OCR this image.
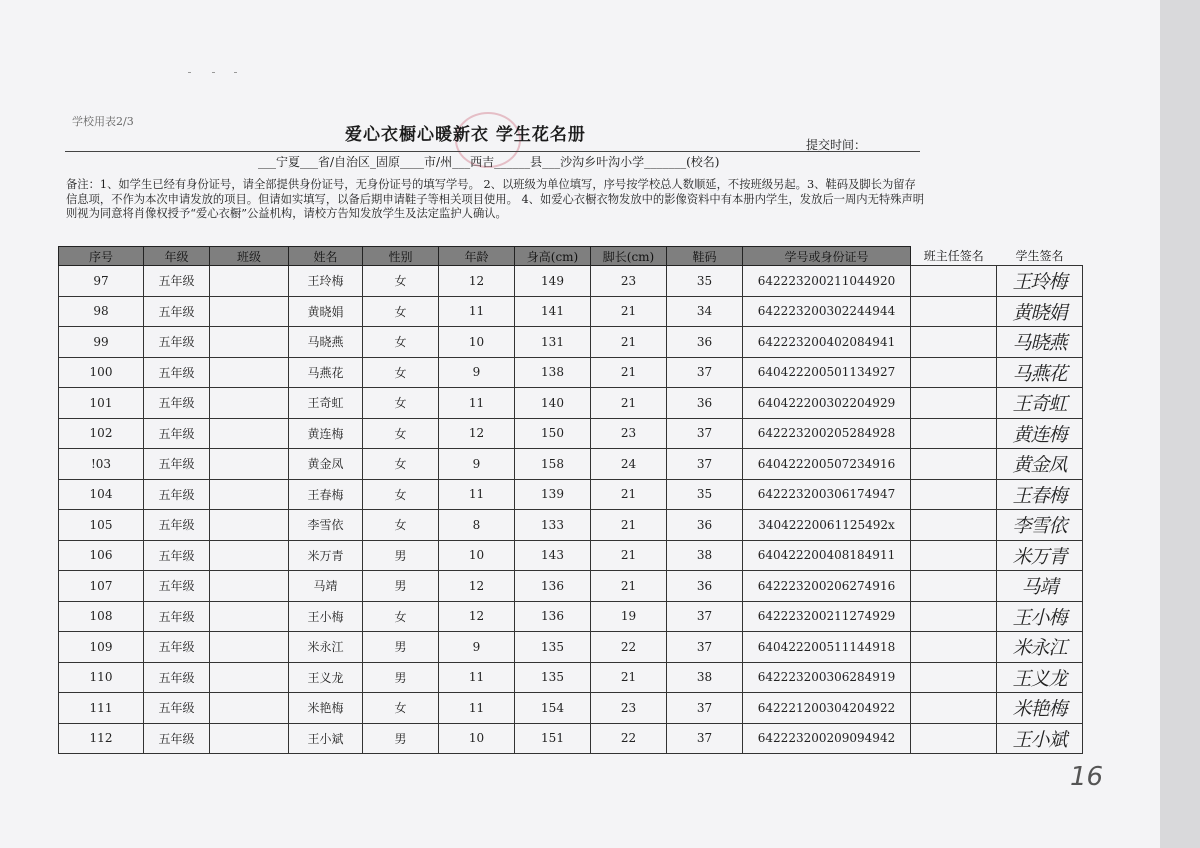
学校用表2/3
爱心衣橱心暖新衣 学生花名册	提交时间：
___宁夏___省/自治区_固原____市/州___西吉______县___沙沟乡叶沟小学_______(校名)
备注：1、如学生已经有身份证号，请全部提供身份证号，无身份证号的填写学号。 2、以班级为单位填写，序号按学校总人数顺延，不按班级另起。3、鞋码及脚长为留存信息项，不作为本次申请发放的项目。但请如实填写，以备后期申请鞋子等相关项目使用。 4、如爱心衣橱衣物发放中的影像资料中有本册内学生，发放后一周内无特殊声明则视为同意将肖像权授予“爱心衣橱”公益机构，请校方告知发放学生及法定监护人确认。
序号	年级	班级	姓名	性别	年龄	身高(cm)	脚长(cm)	鞋码	学号或身份证号	班主任签名	学生签名
97	五年级		王玲梅	女	12	149	23	35	642223200211044920		王玲梅
98	五年级		黄晓娟	女	11	141	21	34	642223200302244944		黄晓娟
99	五年级		马晓燕	女	10	131	21	36	642223200402084941		马晓燕
100	五年级		马燕花	女	9	138	21	37	640422200501134927		马燕花
101	五年级		王奇虹	女	11	140	21	36	640422200302204929		王奇虹
102	五年级		黄连梅	女	12	150	23	37	642223200205284928		黄连梅
!03	五年级		黄金凤	女	9	158	24	37	640422200507234916		黄金凤
104	五年级		王春梅	女	11	139	21	35	642223200306174947		王春梅
105	五年级		李雪依	女	8	133	21	36	34042220061125492x		李雪依
106	五年级		米万青	男	10	143	21	38	640422200408184911		米万青
107	五年级		马靖	男	12	136	21	36	642223200206274916		马靖
108	五年级		王小梅	女	12	136	19	37	642223200211274929		王小梅
109	五年级		米永江	男	9	135	22	37	640422200511144918		米永江
110	五年级		王义龙	男	11	135	21	38	642223200306284919		王义龙
111	五年级		米艳梅	女	11	154	23	37	642221200304204922		米艳梅
112	五年级		王小斌	男	10	151	22	37	642223200209094942		王小斌
16
